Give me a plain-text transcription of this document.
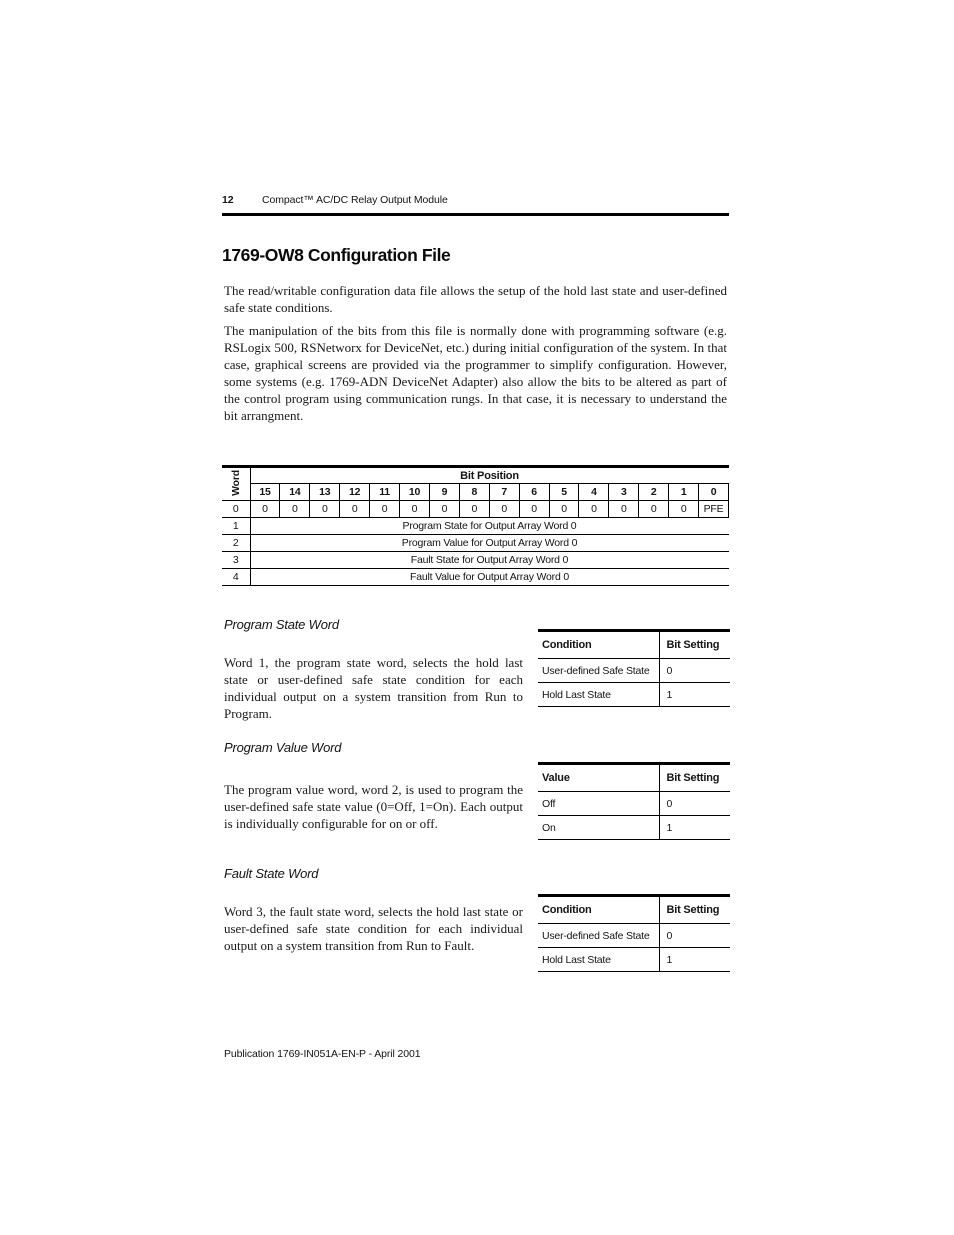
12	Compact™ AC/DC Relay Output Module
1769-OW8 Configuration File

The read/writable configuration data file allows the setup of the hold last state and user-defined safe state conditions.

The manipulation of the bits from this file is normally done with programming software (e.g. RSLogix 500, RSNetworx for DeviceNet, etc.) during initial configuration of the system. In that case, graphical screens are provided via the programmer to simplify configuration. However, some systems (e.g. 1769-ADN DeviceNet Adapter) also allow the bits to be altered as part of the control program using communication rungs. In that case, it is necessary to understand the bit arrangment.

Word	Bit Position															
	15	14	13	12	11	10	9	8	7	6	5	4	3	2	1	0
0	0	0	0	0	0	0	0	0	0	0	0	0	0	0	0	PFE
1	Program State for Output Array Word 0															
2	Program Value for Output Array Word 0															
3	Fault State for Output Array Word 0															
4	Fault Value for Output Array Word 0															
Program State Word

Word 1, the program state word, selects the hold last state or user-defined safe state condition for each individual output on a system transition from Run to Program.

Condition	Bit Setting
User-defined Safe State	0
Hold Last State	1
Program Value Word

The program value word, word 2, is used to program the user-defined safe state value (0=Off, 1=On). Each output is individually configurable for on or off.

Value	Bit Setting
Off	0
On	1
Fault State Word

Word 3, the fault state word, selects the hold last state or user-defined safe state condition for each individual output on a system transition from Run to Fault.

Condition	Bit Setting
User-defined Safe State	0
Hold Last State	1
Publication 1769-IN051A-EN-P - April 2001
